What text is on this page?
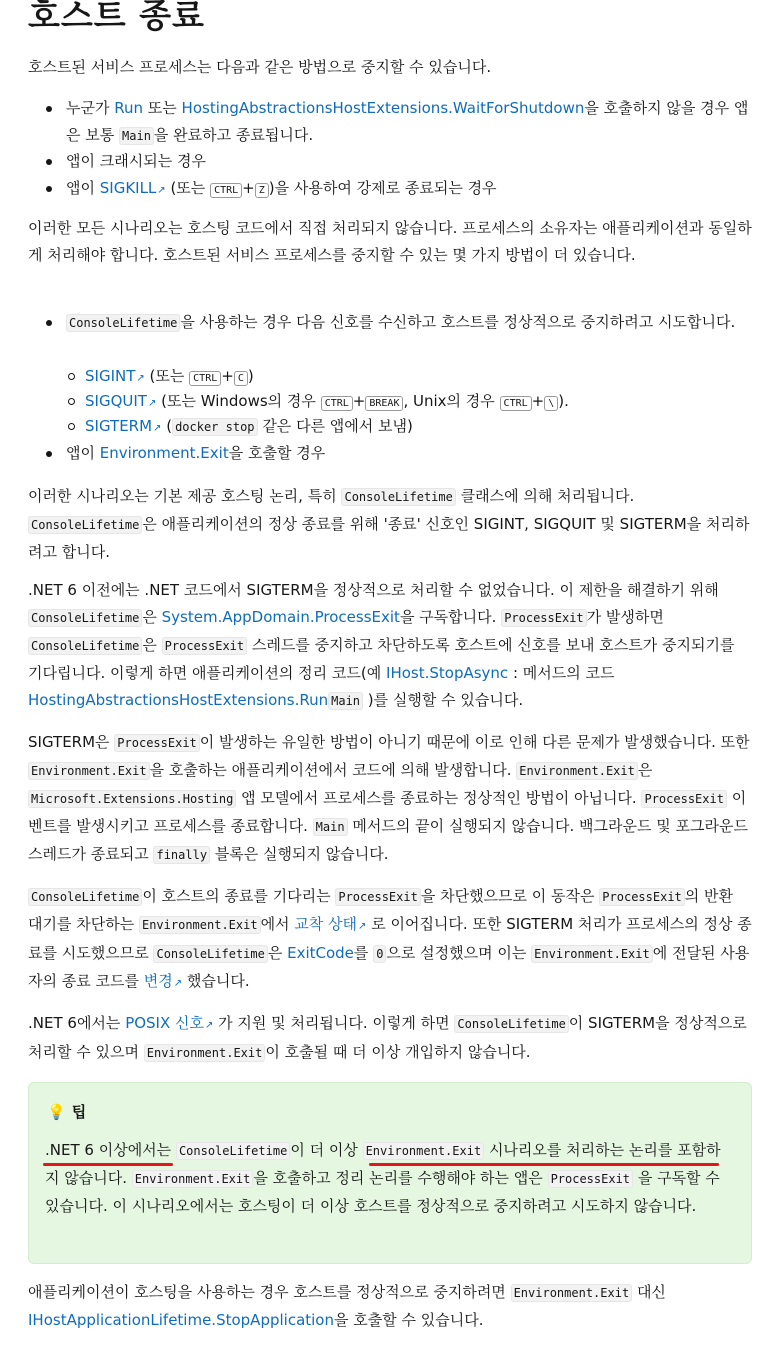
호스트 종료
호스트된 서비스 프로세스는 다음과 같은 방법으로 중지할 수 있습니다.
누군가 Run 또는 HostingAbstractionsHostExtensions.WaitForShutdown을 호출하지 않을 경우 앱은 보통 Main 을 완료하고 종료됩니다.
앱이 크래시되는 경우
앱이 SIGKILL↗ (또는 CTRL + Z )을 사용하여 강제로 종료되는 경우
이러한 모든 시나리오는 호스팅 코드에서 직접 처리되지 않습니다. 프로세스의 소유자는 애플리케이션과 동일하게 처리해야 합니다. 호스트된 서비스 프로세스를 중지할 수 있는 몇 가지 방법이 더 있습니다.
ConsoleLifetime 을 사용하는 경우 다음 신호를 수신하고 호스트를 정상적으로 중지하려고 시도합니다.
SIGINT↗ (또는 CTRL + C )
SIGQUIT↗ (또는 Windows의 경우 CTRL + BREAK , Unix의 경우 CTRL + \ ).
SIGTERM↗ ( docker stop 같은 다른 앱에서 보냄)
앱이 Environment.Exit을 호출할 경우
이러한 시나리오는 기본 제공 호스팅 논리, 특히 ConsoleLifetime 클래스에 의해 처리됩니다. ConsoleLifetime 은 애플리케이션의 정상 종료를 위해 '종료' 신호인 SIGINT, SIGQUIT 및 SIGTERM을 처리하려고 합니다.
.NET 6 이전에는 .NET 코드에서 SIGTERM을 정상적으로 처리할 수 없었습니다. 이 제한을 해결하기 위해 ConsoleLifetime 은 System.AppDomain.ProcessExit을 구독합니다. ProcessExit 가 발생하면 ConsoleLifetime 은 ProcessExit 스레드를 중지하고 차단하도록 호스트에 신호를 보내 호스트가 중지되기를 기다립니다. 이렇게 하면 애플리케이션의 정리 코드(예 IHost.StopAsync : 메서드의 코드 HostingAbstractionsHostExtensions.Run Main )를 실행할 수 있습니다.
SIGTERM은 ProcessExit 이 발생하는 유일한 방법이 아니기 때문에 이로 인해 다른 문제가 발생했습니다. 또한 Environment.Exit 을 호출하는 애플리케이션에서 코드에 의해 발생합니다. Environment.Exit 은 Microsoft.Extensions.Hosting 앱 모델에서 프로세스를 종료하는 정상적인 방법이 아닙니다. ProcessExit 이벤트를 발생시키고 프로세스를 종료합니다. Main 메서드의 끝이 실행되지 않습니다. 백그라운드 및 포그라운드 스레드가 종료되고 finally 블록은 실행되지 않습니다.
ConsoleLifetime 이 호스트의 종료를 기다리는 ProcessExit 을 차단했으므로 이 동작은 ProcessExit 의 반환 대기를 차단하는 Environment.Exit 에서 교착 상태↗ 로 이어집니다. 또한 SIGTERM 처리가 프로세스의 정상 종료를 시도했으므로 ConsoleLifetime 은 ExitCode를 0 으로 설정했으며 이는 Environment.Exit 에 전달된 사용자의 종료 코드를 변경↗ 했습니다.
.NET 6에서는 POSIX 신호↗ 가 지원 및 처리됩니다. 이렇게 하면 ConsoleLifetime 이 SIGTERM을 정상적으로 처리할 수 있으며 Environment.Exit 이 호출될 때 더 이상 개입하지 않습니다.
💡 팁
.NET 6 이상에서는 ConsoleLifetime 이 더 이상 Environment.Exit 시나리오를 처리하는 논리를 포함하지 않습니다. Environment.Exit 을 호출하고 정리 논리를 수행해야 하는 앱은 ProcessExit 을 구독할 수 있습니다. 이 시나리오에서는 호스팅이 더 이상 호스트를 정상적으로 중지하려고 시도하지 않습니다.
애플리케이션이 호스팅을 사용하는 경우 호스트를 정상적으로 중지하려면 Environment.Exit 대신 IHostApplicationLifetime.StopApplication을 호출할 수 있습니다.
